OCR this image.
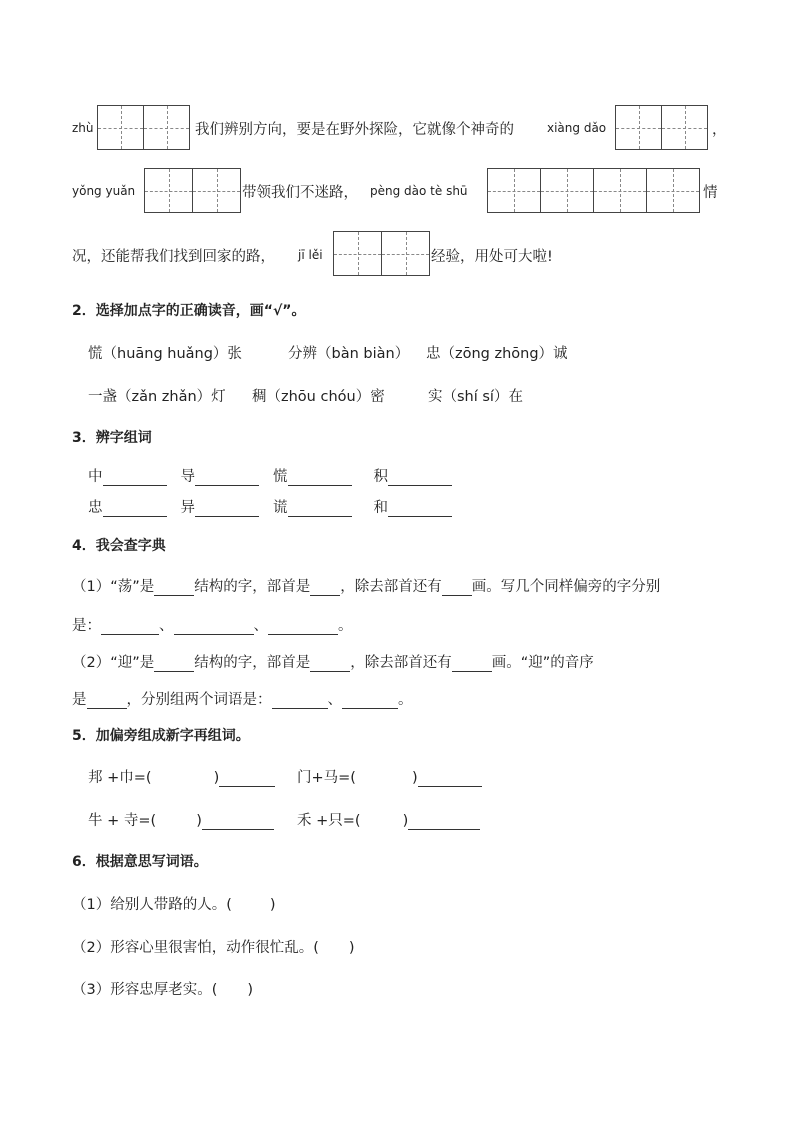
zhù	我们辨别方向，要是在野外探险，它就像个神奇的	xiàng dǎo	，
yǒng yuǎn	带领我们不迷路， pèng dào tè shū	情
况，还能帮我们找到回家的路， jī lěi	经验，用处可大啦!
2．选择加点字的正确读音，画“√”。
慌（huāng huǎng）张	分辨（bàn biàn） 忠（zōng zhōng）诚
一盏（zǎn zhǎn）灯 稠（zhōu chóu）密	实（shí sí）在
3．辨字组词
中	导	慌	积
忠	异	谎	和
4．我会查字典
（1）“荡”是	结构的字，部首是 ，除去部首还有 画。写几个同样偏旁的字分别
是：	、	、	。
（2）“迎”是	结构的字，部首是	，除去部首还有	画。“迎”的音序
是	，分别组两个词语是：	、	。
5．加偏旁组成新字再组词。
邦 +巾=(	)	门+马=(	)
牛 + 寺=(	)	禾 +只=(	)
6．根据意思写词语。
（1）给别人带路的人。(	)
（2）形容心里很害怕，动作很忙乱。( )
（3）形容忠厚老实。( )
